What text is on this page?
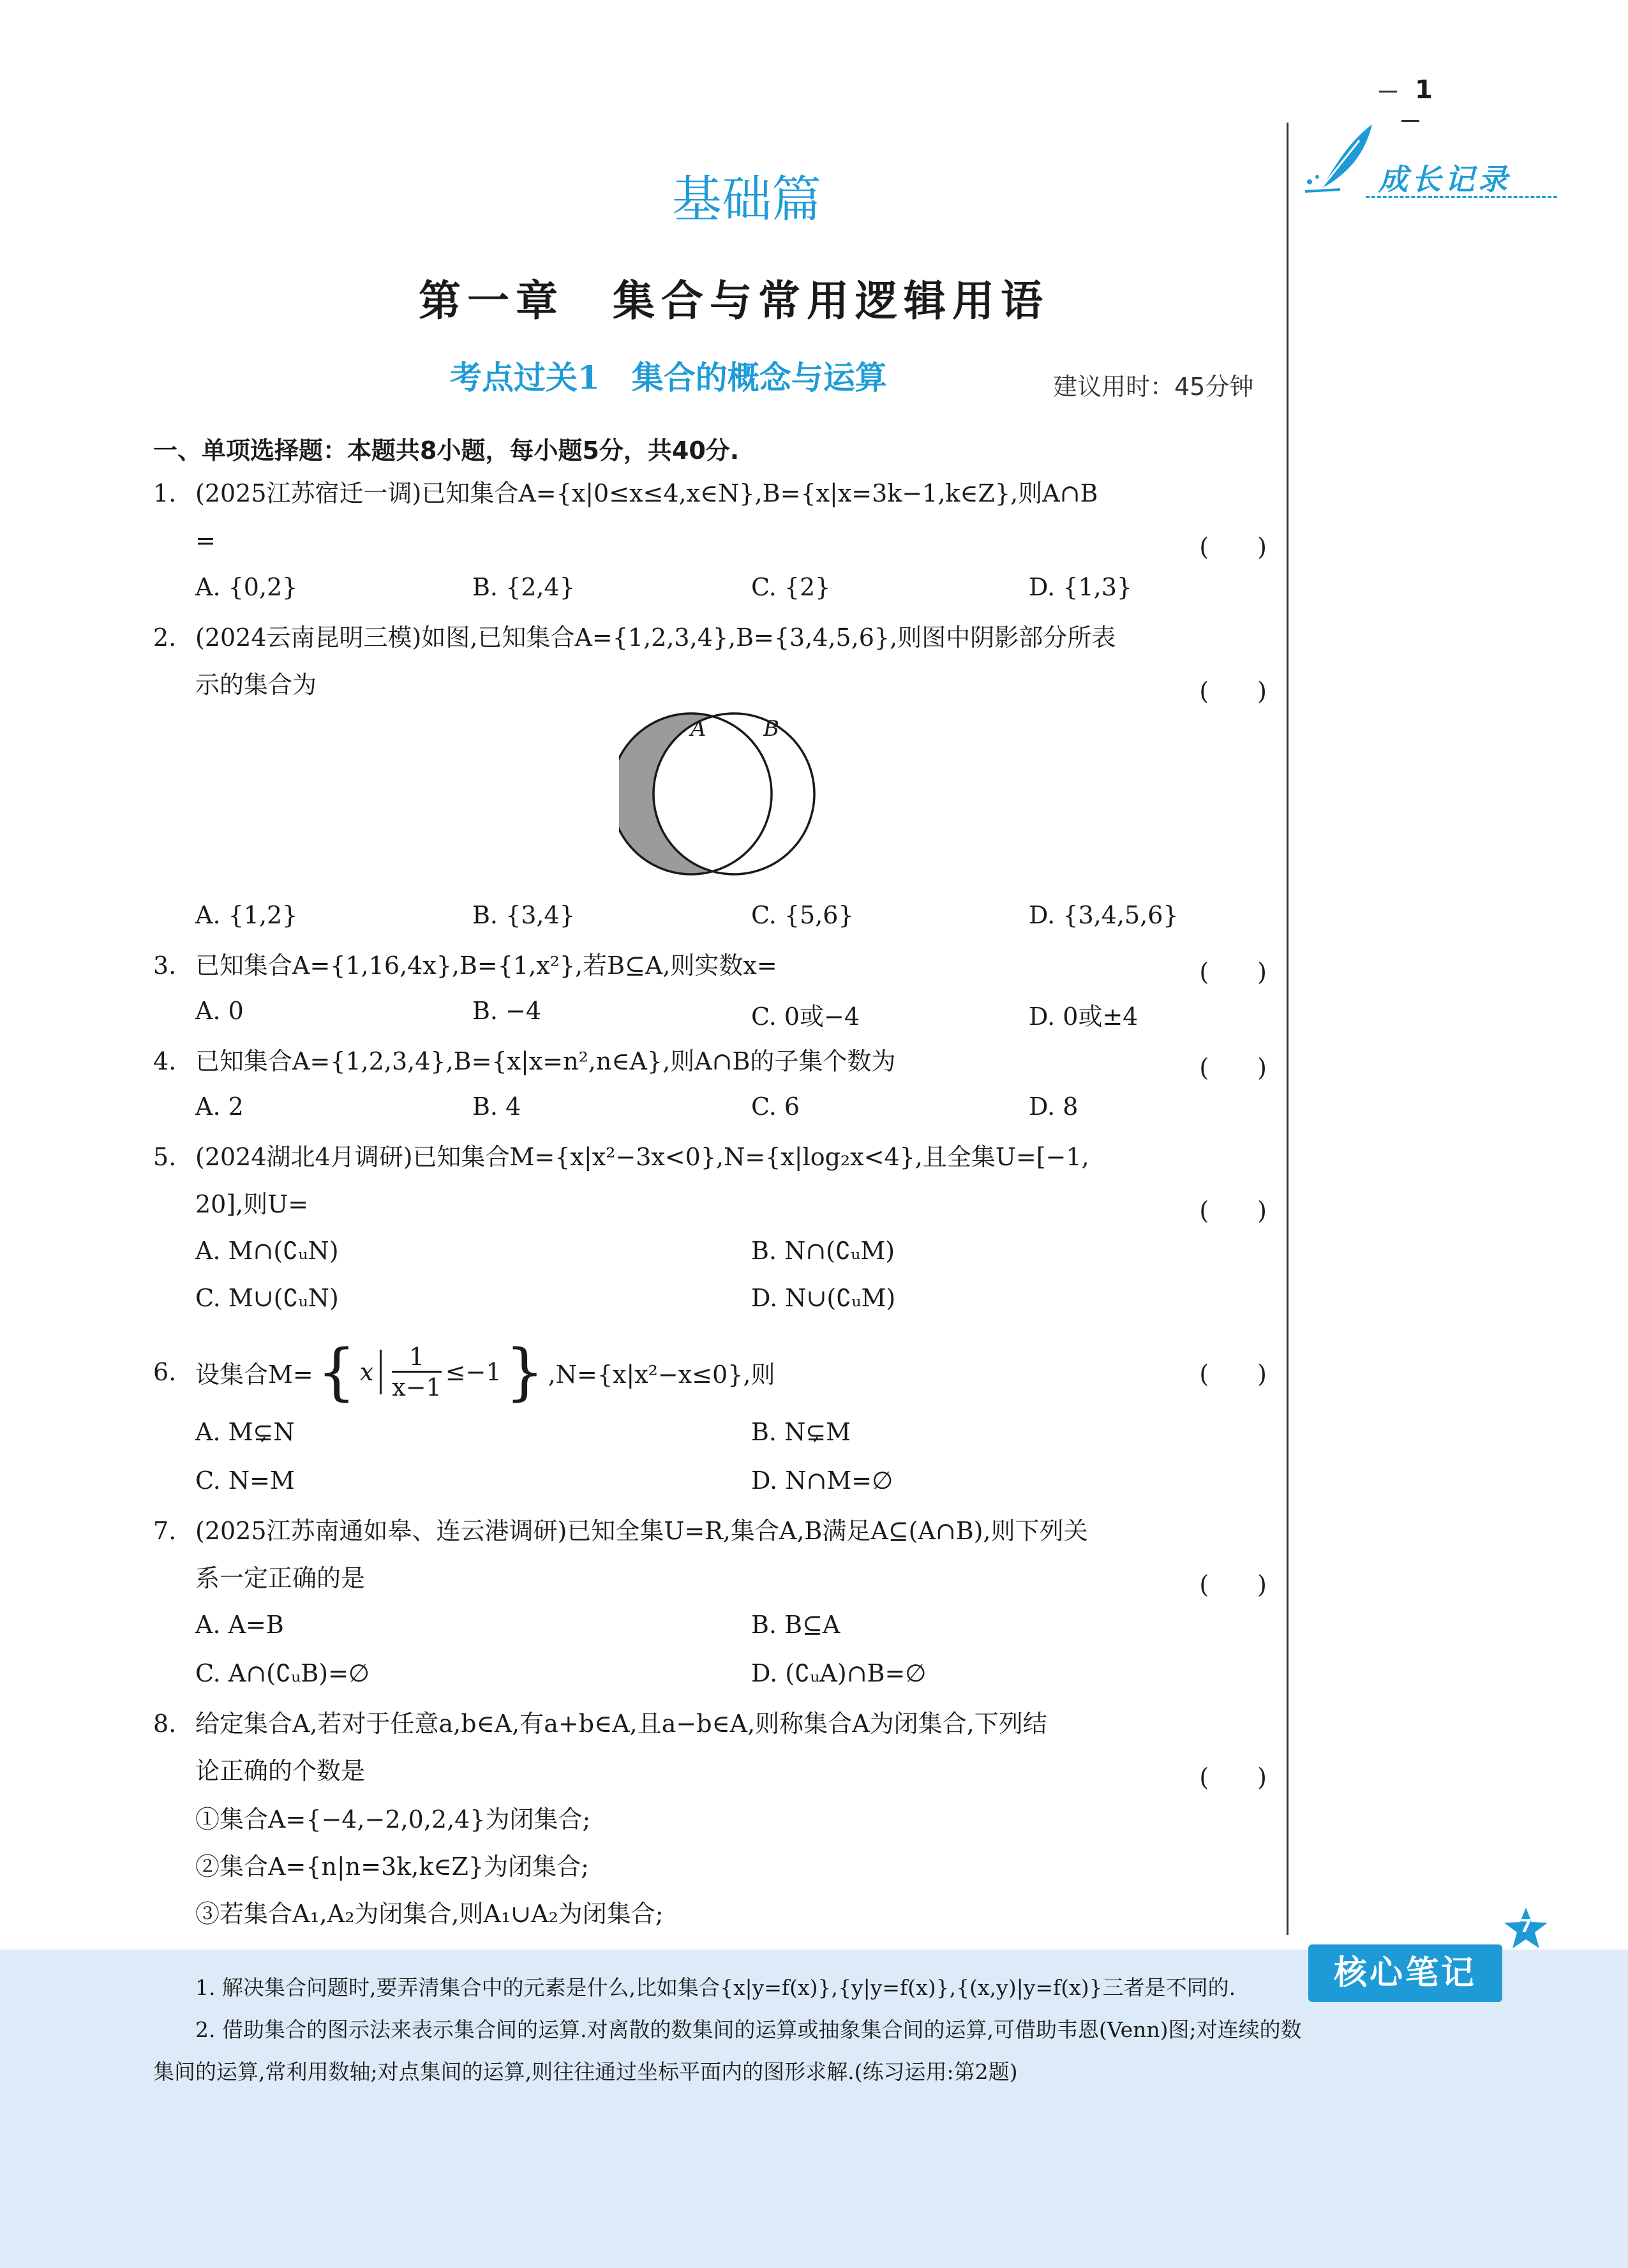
1
成长记录
基础篇
第一章　集合与常用逻辑用语
考点过关1　集合的概念与运算	建议用时：45分钟
一、单项选择题：本题共8小题，每小题5分，共40分.
1. (2025江苏宿迁一调)已知集合A={x|0≤x≤4,x∈N},B={x|x=3k−1,k∈Z},则A∩B
=	(　　)
A. {0,2}	B. {2,4}	C. {2}	D. {1,3}
2. (2024云南昆明三模)如图,已知集合A={1,2,3,4},B={3,4,5,6},则图中阴影部分所表
示的集合为	(　　)
A	B
A. {1,2}	B. {3,4}	C. {5,6}	D. {3,4,5,6}
3. 已知集合A={1,16,4x},B={1,x²},若B⊆A,则实数x=	(　　)
A. 0	B. −4	C. 0或−4	D. 0或±4
4. 已知集合A={1,2,3,4},B={x|x=n²,n∈A},则A∩B的子集个数为	(　　)
A. 2	B. 4	C. 6	D. 8
5. (2024湖北4月调研)已知集合M={x|x²−3x<0},N={x|log₂x<4},且全集U=[−1,
20],则U=	(　　)
A. M∩(∁ᵤN)	B. N∩(∁ᵤM)
C. M∪(∁ᵤN)	D. N∪(∁ᵤM)
6. 设集合M= { x
1
x−1
≤−1 } ,N={x|x²−x≤0},则	(　　)
A. M⊊N	B. N⊊M
C. N=M	D. N∩M=∅
7. (2025江苏南通如皋、连云港调研)已知全集U=R,集合A,B满足A⊆(A∩B),则下列关
系一定正确的是	(　　)
A. A=B	B. B⊆A
C. A∩(∁ᵤB)=∅	D. (∁ᵤA)∩B=∅
8. 给定集合A,若对于任意a,b∈A,有a+b∈A,且a−b∈A,则称集合A为闭集合,下列结
论正确的个数是	(　　)
①集合A={−4,−2,0,2,4}为闭集合;
②集合A={n|n=3k,k∈Z}为闭集合;
③若集合A₁,A₂为闭集合,则A₁∪A₂为闭集合;
核心笔记
7
1. 解决集合问题时,要弄清集合中的元素是什么,比如集合{x|y=f(x)},{y|y=f(x)},{(x,y)|y=f(x)}三者是不同的.
2. 借助集合的图示法来表示集合间的运算.对离散的数集间的运算或抽象集合间的运算,可借助韦恩(Venn)图;对连续的数集间的运算,常利用数轴;对点集间的运算,则往往通过坐标平面内的图形求解.(练习运用:第2题)
